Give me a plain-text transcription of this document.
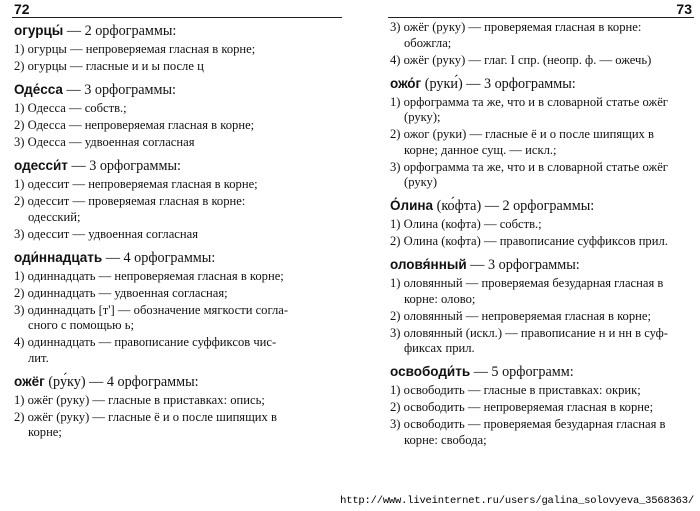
72
огурцы́ — 2 орфограммы:
1) огурцы — непроверяемая гласная в корне;
2) огурцы — гласные и и ы после ц
Оде́сса — 3 орфограммы:
1) Одесса — собств.;
2) Одесса — непроверяемая гласная в корне;
3) Одесса — удвоенная согласная
одесси́т — 3 орфограммы:
1) одессит — непроверяемая гласная в корне;
2) одессит — проверяемая гласная в корне:
одесский;
3) одессит — удвоенная согласная
оди́ннадцать — 4 орфограммы:
1) одиннадцать — непроверяемая гласная в корне;
2) одиннадцать — удвоенная согласная;
3) одиннадцать [т'] — обозначение мягкости согла-
сного с помощью ь;
4) одиннадцать — правописание суффиксов чис-
лит.
ожёг (ру́ку) — 4 орфограммы:
1) ожёг (руку) — гласные в приставках: опись;
2) ожёг (руку) — гласные ё и о после шипящих в
корне;
73
3) ожёг (руку) — проверяемая гласная в корне:
обожгла;
4) ожёг (руку) — глаг. I спр. (неопр. ф. — ожечь)
ожо́г (руки́) — 3 орфограммы:
1) орфограмма та же, что и в словарной статье ожёг
(руку);
2) ожог (руки) — гласные ё и о после шипящих в
корне; данное сущ. — искл.;
3) орфограмма та же, что и в словарной статье ожёг
(руку)
О́лина (ко́фта) — 2 орфограммы:
1) Олина (кофта) — собств.;
2) Олина (кофта) — правописание суффиксов прил.
оловя́нный — 3 орфограммы:
1) оловянный — проверяемая безударная гласная в
корне: олово;
2) оловянный — непроверяемая гласная в корне;
3) оловянный (искл.) — правописание н и нн в суф-
фиксах прил.
освободи́ть — 5 орфограмм:
1) освободить — гласные в приставках: окрик;
2) освободить — непроверяемая гласная в корне;
3) освободить — проверяемая безударная гласная в
корне: свобода;
http://www.liveinternet.ru/users/galina_solovyeva_3568363/
